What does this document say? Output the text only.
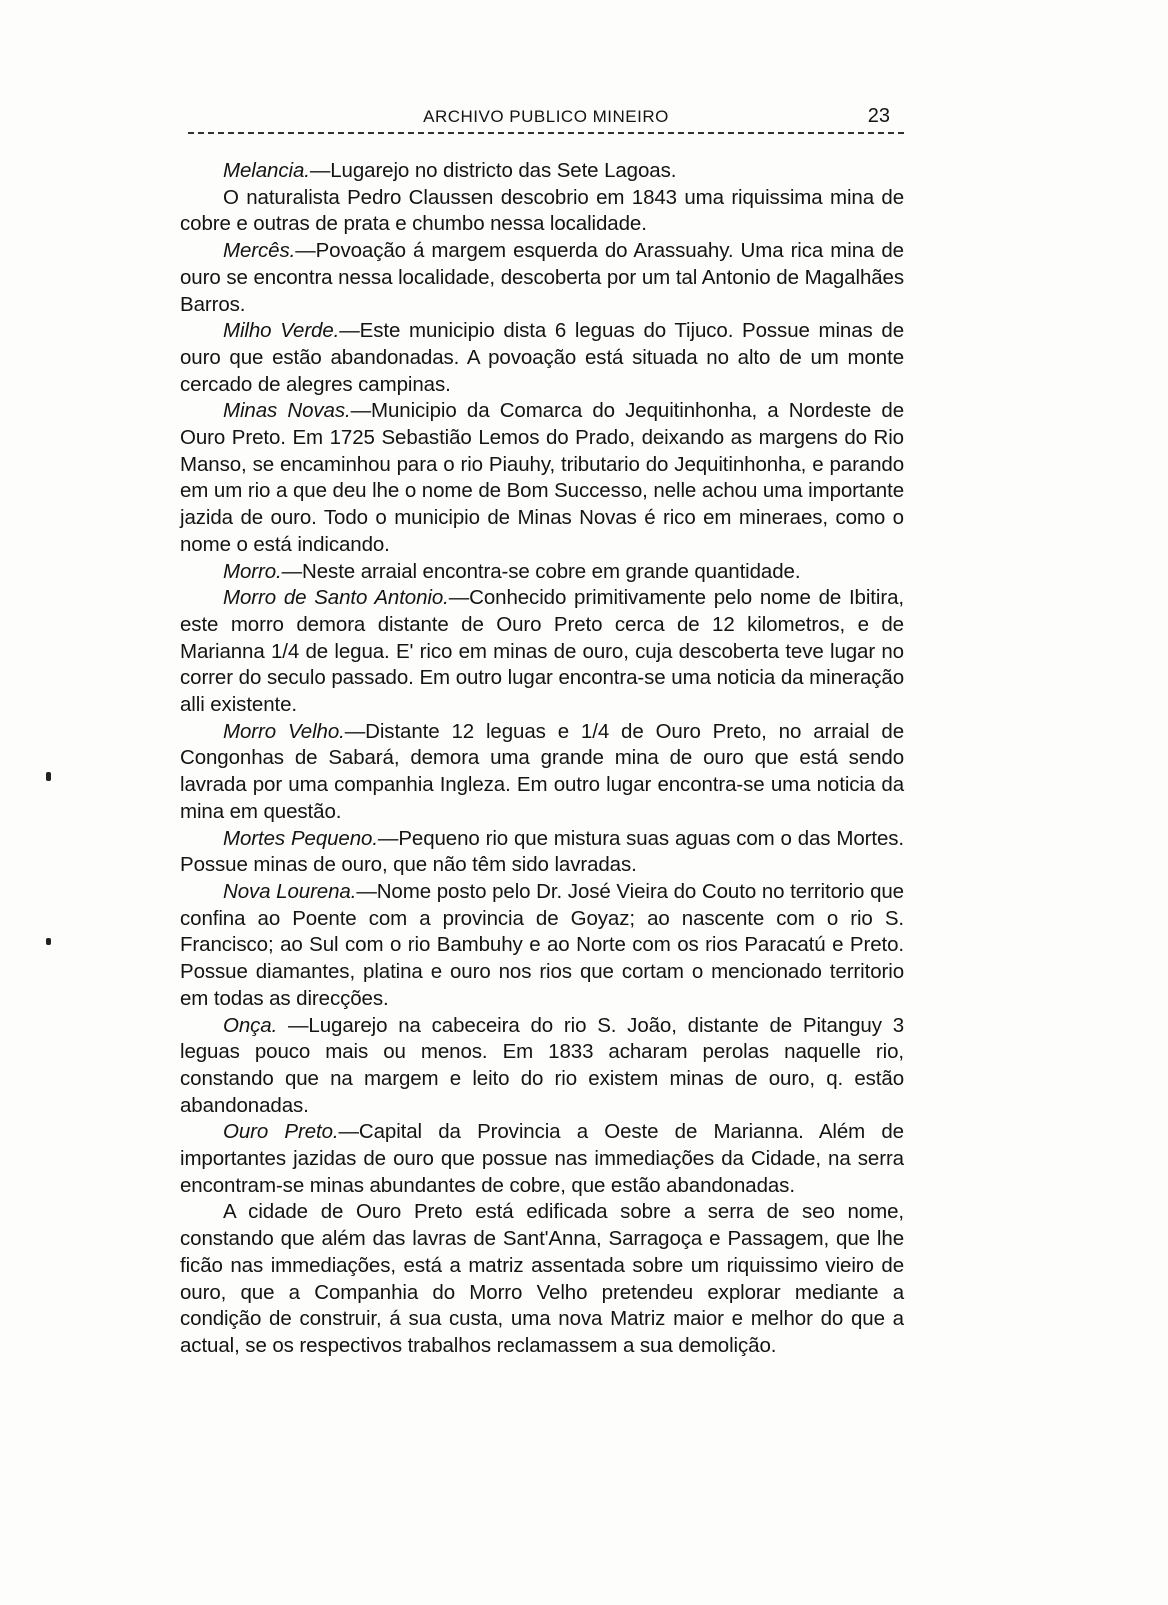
ARCHIVO PUBLICO MINEIRO	23

Melancia.—Lugarejo no districto das Sete Lagoas.

O naturalista Pedro Claussen descobrio em 1843 uma riquissima mina de cobre e outras de prata e chumbo nessa localidade.

Mercês.—Povoação á margem esquerda do Arassuahy. Uma rica mina de ouro se encontra nessa localidade, descoberta por um tal Antonio de Magalhães Barros.

Milho Verde.—Este municipio dista 6 leguas do Tijuco. Possue minas de ouro que estão abandonadas. A povoação está situada no alto de um monte cercado de alegres campinas.

Minas Novas.—Municipio da Comarca do Jequitinhonha, a Nordeste de Ouro Preto. Em 1725 Sebastião Lemos do Prado, deixando as margens do Rio Manso, se encaminhou para o rio Piauhy, tributario do Jequitinhonha, e parando em um rio a que deu lhe o nome de Bom Successo, nelle achou uma importante jazida de ouro. Todo o municipio de Minas Novas é rico em mineraes, como o nome o está indicando.

Morro.—Neste arraial encontra-se cobre em grande quantidade.

Morro de Santo Antonio.—Conhecido primitivamente pelo nome de Ibitira, este morro demora distante de Ouro Preto cerca de 12 kilometros, e de Marianna 1/4 de legua. E' rico em minas de ouro, cuja descoberta teve lugar no correr do seculo passado. Em outro lugar encontra-se uma noticia da mineração alli existente.

Morro Velho.—Distante 12 leguas e 1/4 de Ouro Preto, no arraial de Congonhas de Sabará, demora uma grande mina de ouro que está sendo lavrada por uma companhia Ingleza. Em outro lugar encontra-se uma noticia da mina em questão.

Mortes Pequeno.—Pequeno rio que mistura suas aguas com o das Mortes. Possue minas de ouro, que não têm sido lavradas.

Nova Lourena.—Nome posto pelo Dr. José Vieira do Couto no territorio que confina ao Poente com a provincia de Goyaz; ao nascente com o rio S. Francisco; ao Sul com o rio Bambuhy e ao Norte com os rios Paracatú e Preto. Possue diamantes, platina e ouro nos rios que cortam o mencionado territorio em todas as direcções.

Onça. —Lugarejo na cabeceira do rio S. João, distante de Pitanguy 3 leguas pouco mais ou menos. Em 1833 acharam perolas naquelle rio, constando que na margem e leito do rio existem minas de ouro, q. estão abandonadas.

Ouro Preto.—Capital da Provincia a Oeste de Marianna. Além de importantes jazidas de ouro que possue nas immediações da Cidade, na serra encontram-se minas abundantes de cobre, que estão abandonadas.

A cidade de Ouro Preto está edificada sobre a serra de seo nome, constando que além das lavras de Sant'Anna, Sarragoça e Passagem, que lhe ficão nas immediações, está a matriz assentada sobre um riquissimo vieiro de ouro, que a Companhia do Morro Velho pretendeu explorar mediante a condição de construir, á sua custa, uma nova Matriz maior e melhor do que a actual, se os respectivos trabalhos reclamassem a sua demolição.
